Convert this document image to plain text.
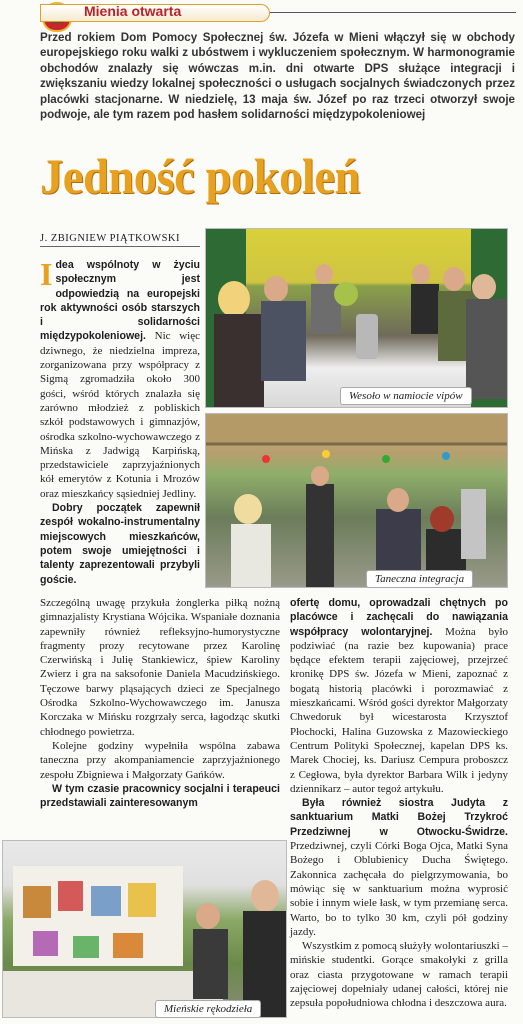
Mienia otwarta
Przed rokiem Dom Pomocy Społecznej św. Józefa w Mieni włączył się w obchody europejskiego roku walki z ubóstwem i wykluczeniem społecznym. W harmonogramie obchodów znalazły się wówczas m.in. dni otwarte DPS służące integracji i zwiększaniu wiedzy lokalnej społeczności o usługach socjalnych świadczonych przez placówki stacjonarne. W niedzielę, 13 maja św. Józef po raz trzeci otworzył swoje podwoje, ale tym razem pod hasłem solidarności międzypokoleniowej
Jedność pokoleń
J. ZBIGNIEW PIĄTKOWSKI
Idea wspólnoty w życiu społecznym jest odpowiedzią na europejski rok aktywności osób starszych i solidarności międzypokoleniowej. Nic więc dziwnego, że niedzielna impreza, zorganizowana przy współpracy z Sigmą zgromadziła około 300 gości, wśród których znalazła się zarówno młodzież z pobliskich szkół podstawowych i gimnazjów, ośrodka szkolno-wychowawczego z Mińska z Jadwigą Karpińską, przedstawiciele zaprzyjaźnionych kół emerytów z Kotunia i Mrozów oraz mieszkańcy sąsiedniej Jedliny.
Dobry początek zapewnił zespół wokalno-instrumentalny miejscowych mieszkańców, potem swoje umiejętności i talenty zaprezentowali przybyli goście.
Szczególną uwagę przykuła żonglerka piłką nożną gimnazjalisty Krystiana Wójcika. Wspaniałe doznania zapewniły również refleksyjno-humorystyczne fragmenty prozy recytowane przez Karolinę Czerwińską i Julię Stankiewicz, śpiew Karoliny Zwierz i gra na saksofonie Daniela Macudzińskiego. Tęczowe barwy pląsających dzieci ze Specjalnego Ośrodka Szkolno-Wychowawczego im. Janusza Korczaka w Mińsku rozgrzały serca, łagodząc skutki chłodnego powietrza.
Kolejne godziny wypełniła wspólna zabawa taneczna przy akompaniamencie zaprzyjaźnionego zespołu Zbigniewa i Małgorzaty Gańków.
W tym czasie pracownicy socjalni i terapeuci przedstawiali zainteresowanym
ofertę domu, oprowadzali chętnych po placówce i zachęcali do nawiązania współpracy wolontaryjnej. Można było podziwiać (na razie bez kupowania) prace będące efektem terapii zajęciowej, przejrzeć kronikę DPS św. Józefa w Mieni, zapoznać z bogatą historią placówki i porozmawiać z mieszkańcami. Wśród gości dyrektor Małgorzaty Chwedoruk był wicestarosta Krzysztof Płochocki, Halina Guzowska z Mazowieckiego Centrum Polityki Społecznej, kapelan DPS ks. Marek Chociej, ks. Dariusz Cempura proboszcz z Cegłowa, była dyrektor Barbara Wilk i jedyny dziennikarz – autor tegoż artykułu.
Była również siostra Judyta z sanktuarium Matki Bożej Trzykroć Przedziwnej w Otwocku-Świdrze. Przedziwnej, czyli Córki Boga Ojca, Matki Syna Bożego i Oblubienicy Ducha Świętego. Zakonnica zachęcała do pielgrzymowania, bo mówiąc się w sanktuarium można wyprosić sobie i innym wiele łask, w tym przemianę serca. Warto, bo to tylko 30 km, czyli pół godziny jazdy.
Wszystkim z pomocą służyły wolontariuszki – mińskie studentki. Gorące smakołyki z grilla oraz ciasta przygotowane w ramach terapii zajęciowej dopełniały udanej całości, której nie zepsuła popołudniowa chłodna i deszczowa aura.
Wesoło w namiocie vipów
Taneczna integracja
Mieńskie rękodzieła
